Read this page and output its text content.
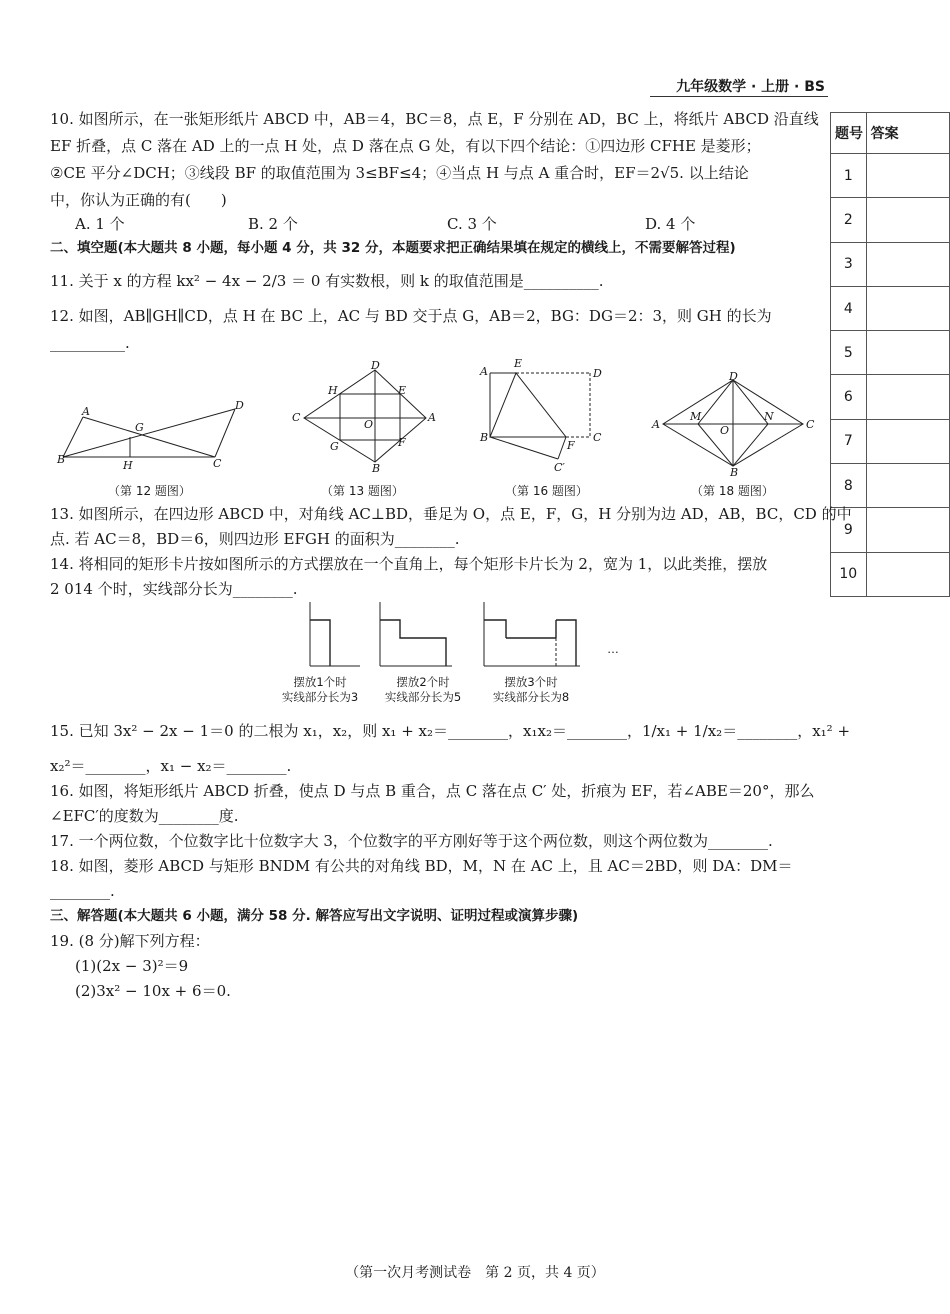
九年级数学 · 上册 · BS
题号	答案
1	
2	
3	
4	
5	
6	
7	
8	
9	
10	
10. 如图所示，在一张矩形纸片 ABCD 中，AB＝4，BC＝8，点 E，F 分别在 AD，BC 上，将纸片 ABCD 沿直线
EF 折叠，点 C 落在 AD 上的一点 H 处，点 D 落在点 G 处，有以下四个结论：①四边形 CFHE 是菱形；
②CE 平分∠DCH；③线段 BF 的取值范围为 3≤BF≤4；④当点 H 与点 A 重合时，EF＝2√5. 以上结论
中，你认为正确的有(　　)
A. 1 个	B. 2 个	C. 3 个	D. 4 个
二、填空题(本大题共 8 小题，每小题 4 分，共 32 分，本题要求把正确结果填在规定的横线上，不需要解答过程)
11. 关于 x 的方程 kx² − 4x − 2/3 ＝ 0 有实数根，则 k 的取值范围是__________.
12. 如图，AB∥GH∥CD，点 H 在 BC 上，AC 与 BD 交于点 G，AB＝2，BG：DG＝2：3，则 GH 的长为
__________.
A
B
G
H	C
D
（第 12 题图）
D
H	E
C
O
A
G	F
B
（第 13 题图）
E
A	D
B
F
C
C′
（第 16 题图）
D
M	N
A	O	C
B
（第 18 题图）
13. 如图所示，在四边形 ABCD 中，对角线 AC⊥BD，垂足为 O，点 E，F，G，H 分别为边 AD，AB，BC，CD 的中
点. 若 AC＝8，BD＝6，则四边形 EFGH 的面积为________.
14. 将相同的矩形卡片按如图所示的方式摆放在一个直角上，每个矩形卡片长为 2，宽为 1，以此类推，摆放
2 014 个时，实线部分长为________.
摆放1个时
实线部分长为3
摆放2个时
实线部分长为5
摆放3个时
实线部分长为8
…
15. 已知 3x² − 2x − 1＝0 的二根为 x₁，x₂，则 x₁ + x₂＝________，x₁x₂＝________，1/x₁ + 1/x₂＝________，x₁² +
x₂²＝________，x₁ − x₂＝________.
16. 如图，将矩形纸片 ABCD 折叠，使点 D 与点 B 重合，点 C 落在点 C′ 处，折痕为 EF，若∠ABE＝20°，那么
∠EFC′的度数为________度.
17. 一个两位数，个位数字比十位数字大 3，个位数字的平方刚好等于这个两位数，则这个两位数为________.
18. 如图，菱形 ABCD 与矩形 BNDM 有公共的对角线 BD，M，N 在 AC 上，且 AC＝2BD，则 DA：DM＝
________.
三、解答题(本大题共 6 小题，满分 58 分. 解答应写出文字说明、证明过程或演算步骤)
19. (8 分)解下列方程：
(1)(2x − 3)²＝9
(2)3x² − 10x + 6＝0.
（第一次月考测试卷　第 2 页，共 4 页）
